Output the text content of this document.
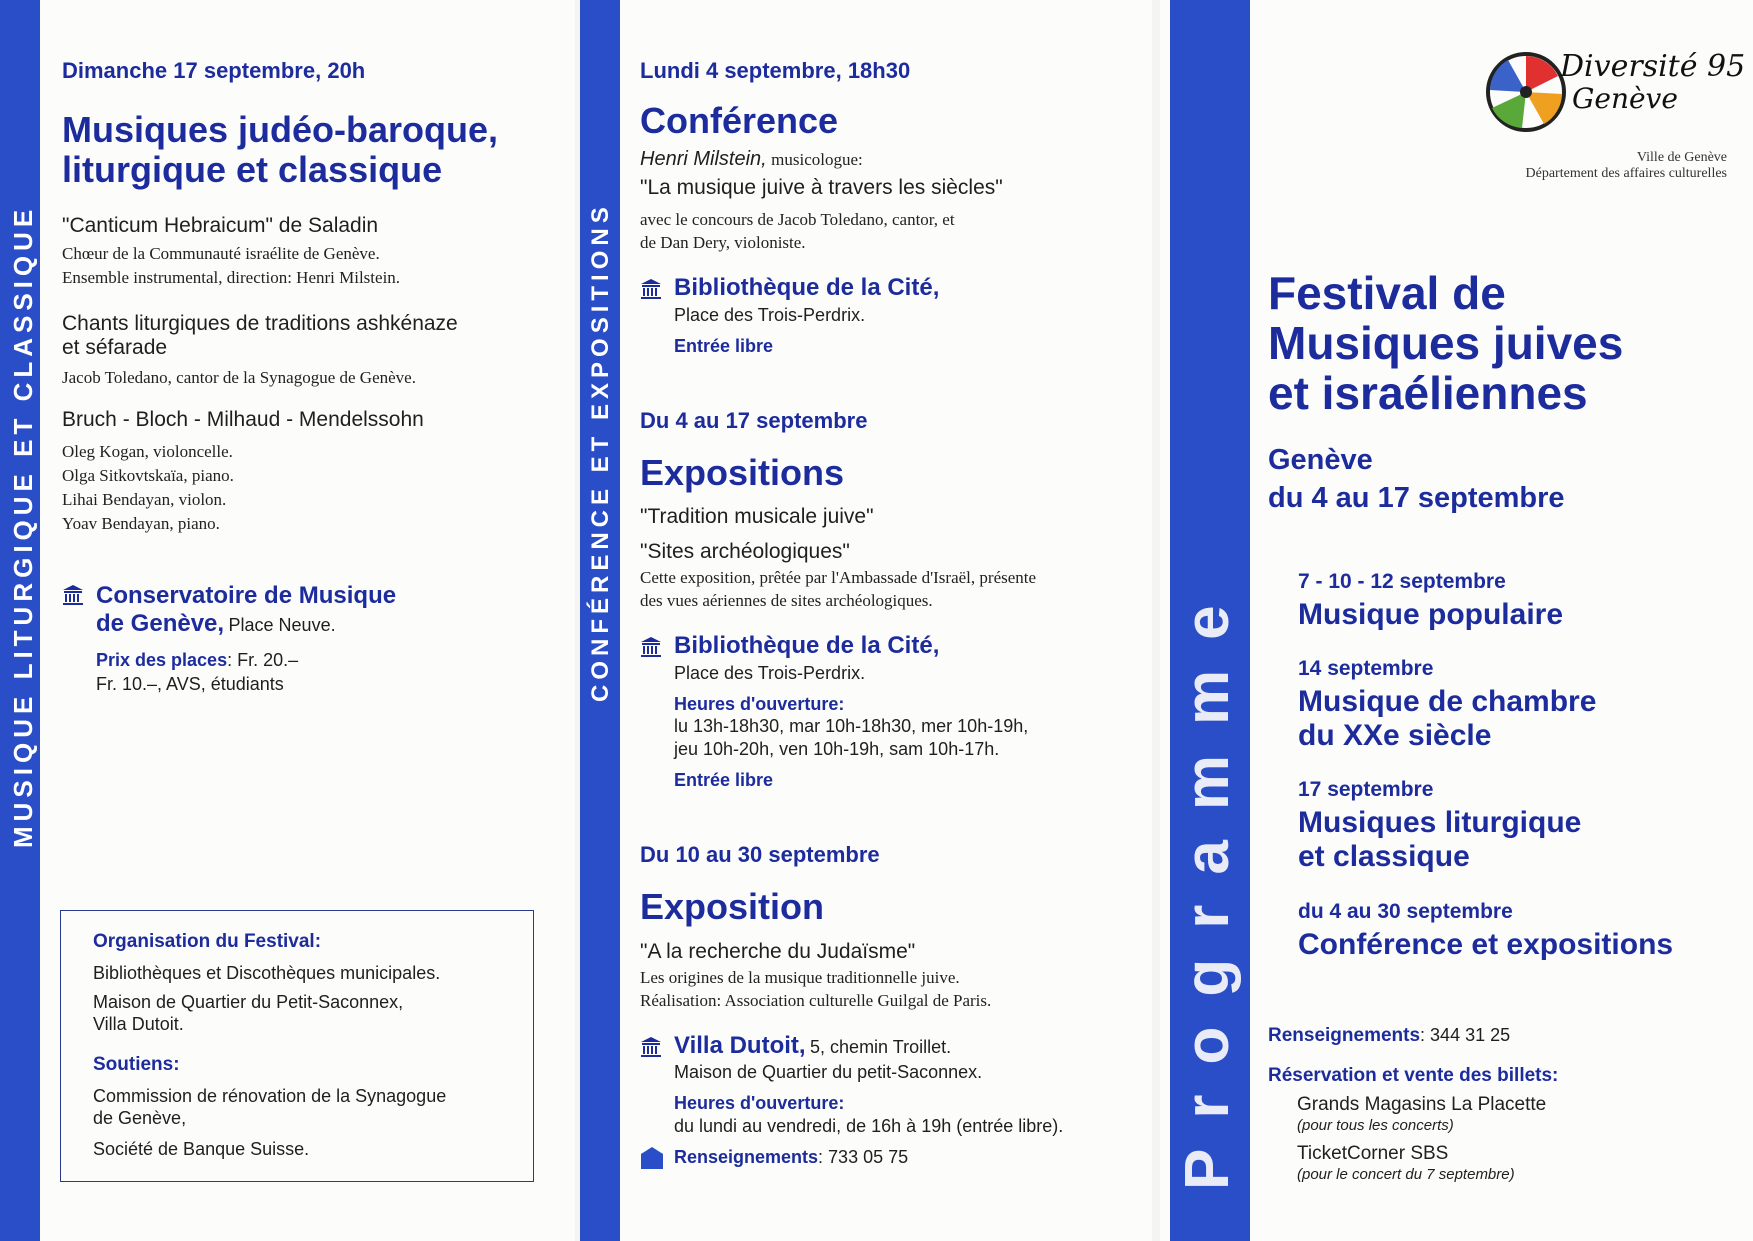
MUSIQUE LITURGIQUE ET CLASSIQUE
Dimanche 17 septembre, 20h
Musiques judéo-baroque,
liturgique et classique
"Canticum Hebraicum" de Saladin
Chœur de la Communauté israélite de Genève.
Ensemble instrumental, direction: Henri Milstein.
Chants liturgiques de traditions ashkénaze
et séfarade
Jacob Toledano, cantor de la Synagogue de Genève.
Bruch - Bloch - Milhaud - Mendelssohn
Oleg Kogan, violoncelle.
Olga Sitkovtskaïa, piano.
Lihai Bendayan, violon.
Yoav Bendayan, piano.
Conservatoire de Musique
de Genève, Place Neuve.
Prix des places: Fr. 20.–
Fr. 10.–, AVS, étudiants
Organisation du Festival:
Bibliothèques et Discothèques municipales.
Maison de Quartier du Petit-Saconnex,
Villa Dutoit.
Soutiens:
Commission de rénovation de la Synagogue
de Genève,
Société de Banque Suisse.
CONFÉRENCE ET EXPOSITIONS
Lundi 4 septembre, 18h30
Conférence
Henri Milstein, musicologue:
"La musique juive à travers les siècles"
avec le concours de Jacob Toledano, cantor, et
de Dan Dery, violoniste.
Bibliothèque de la Cité,
Place des Trois-Perdrix.
Entrée libre
Du 4 au 17 septembre
Expositions
"Tradition musicale juive"
"Sites archéologiques"
Cette exposition, prêtée par l'Ambassade d'Israël, présente
des vues aériennes de sites archéologiques.
Bibliothèque de la Cité,
Place des Trois-Perdrix.
Heures d'ouverture:
lu 13h-18h30, mar 10h-18h30, mer 10h-19h,
jeu 10h-20h, ven 10h-19h, sam 10h-17h.
Entrée libre
Du 10 au 30 septembre
Exposition
"A la recherche du Judaïsme"
Les origines de la musique traditionnelle juive.
Réalisation: Association culturelle Guilgal de Paris.
Villa Dutoit, 5, chemin Troillet.
Maison de Quartier du petit-Saconnex.
Heures d'ouverture:
du lundi au vendredi, de 16h à 19h (entrée libre).
Renseignements: 733 05 75	Programme
Diversité 95
Genève
Ville de Genève
Département des affaires culturelles
Festival de
Musiques juives
et israéliennes
Genève
du 4 au 17 septembre
7 - 10 - 12 septembre
Musique populaire
14 septembre
Musique de chambre
du XXe siècle
17 septembre
Musiques liturgique
et classique
du 4 au 30 septembre
Conférence et expositions
Renseignements: 344 31 25
Réservation et vente des billets:
Grands Magasins La Placette
(pour tous les concerts)
TicketCorner SBS
(pour le concert du 7 septembre)
